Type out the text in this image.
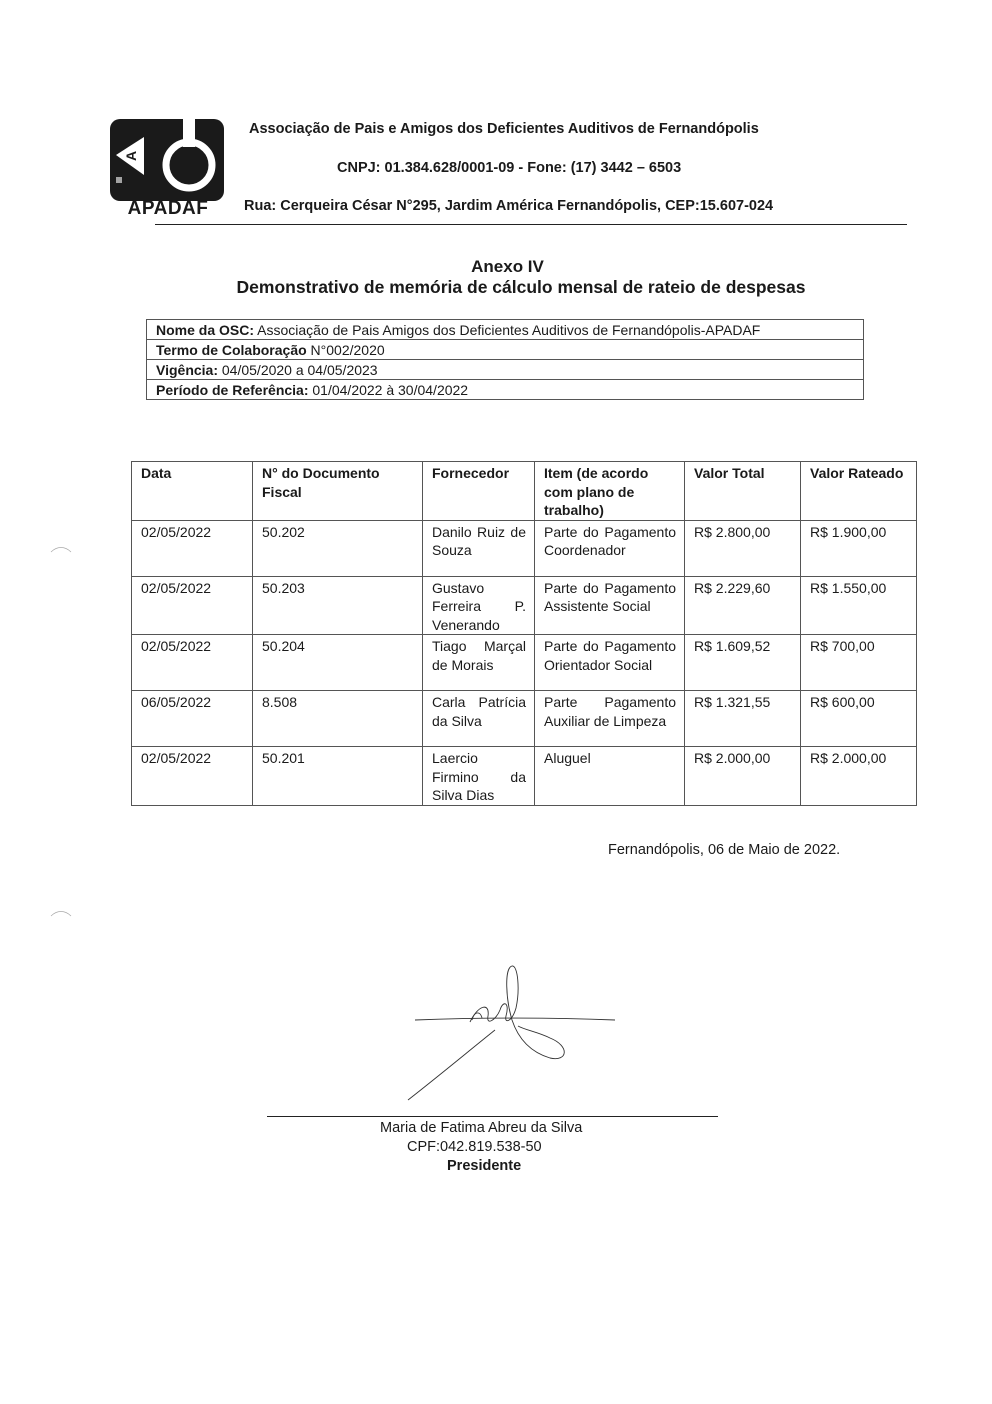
A
APADAF
Associação de Pais e Amigos dos Deficientes Auditivos de Fernandópolis
CNPJ: 01.384.628/0001-09 - Fone: (17) 3442 – 6503
Rua: Cerqueira César N°295, Jardim América Fernandópolis, CEP:15.607-024
Anexo IV
Demonstrativo de memória de cálculo mensal de rateio de despesas
Nome da OSC: Associação de Pais Amigos dos Deficientes Auditivos de Fernandópolis-APADAF
Termo de Colaboração N°002/2020
Vigência: 04/05/2020 a 04/05/2023
Período de Referência: 01/04/2022 à 30/04/2022
Data	N° do Documento Fiscal	Fornecedor	Item (de acordo com plano de trabalho)	Valor Total	Valor Rateado
02/05/2022	50.202	Danilo Ruiz de Souza	Parte do Pagamento Coordenador	R$ 2.800,00	R$ 1.900,00
02/05/2022	50.203	Gustavo Ferreira P. Venerando	Parte do Pagamento Assistente Social	R$ 2.229,60	R$ 1.550,00
02/05/2022	50.204	Tiago Marçal de Morais	Parte do Pagamento Orientador Social	R$ 1.609,52	R$ 700,00
06/05/2022	8.508	Carla Patrícia da Silva	Parte Pagamento Auxiliar de Limpeza	R$ 1.321,55	R$ 600,00
02/05/2022	50.201	Laercio Firmino da Silva Dias	Aluguel	R$ 2.000,00	R$ 2.000,00
Fernandópolis, 06 de Maio de 2022.
Maria de Fatima Abreu da Silva
CPF:042.819.538-50
Presidente
